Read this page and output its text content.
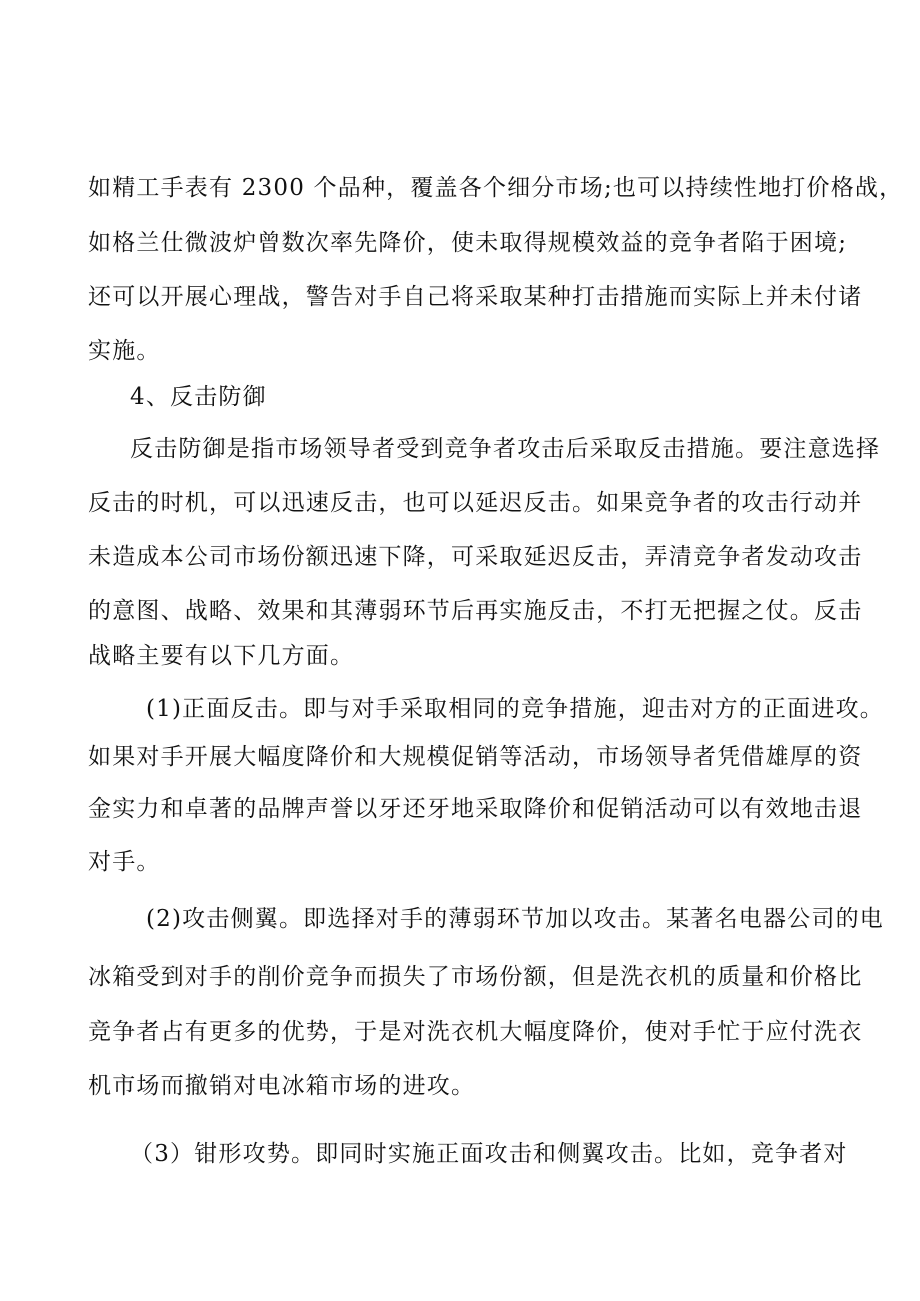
如精工手表有 2300 个品种，覆盖各个细分市场;也可以持续性地打价格战，
如格兰仕微波炉曾数次率先降价，使未取得规模效益的竞争者陷于困境;
还可以开展心理战，警告对手自己将采取某种打击措施而实际上并未付诸
实施。
4、反击防御
反击防御是指市场领导者受到竞争者攻击后采取反击措施。要注意选择
反击的时机，可以迅速反击，也可以延迟反击。如果竞争者的攻击行动并
未造成本公司市场份额迅速下降，可采取延迟反击，弄清竞争者发动攻击
的意图、战略、效果和其薄弱环节后再实施反击，不打无把握之仗。反击
战略主要有以下几方面。
(1)正面反击。即与对手采取相同的竞争措施，迎击对方的正面进攻。
如果对手开展大幅度降价和大规模促销等活动，市场领导者凭借雄厚的资
金实力和卓著的品牌声誉以牙还牙地采取降价和促销活动可以有效地击退
对手。
(2)攻击侧翼。即选择对手的薄弱环节加以攻击。某著名电器公司的电
冰箱受到对手的削价竞争而损失了市场份额，但是洗衣机的质量和价格比
竞争者占有更多的优势，于是对洗衣机大幅度降价，使对手忙于应付洗衣
机市场而撤销对电冰箱市场的进攻。
（3）钳形攻势。即同时实施正面攻击和侧翼攻击。比如，竞争者对
